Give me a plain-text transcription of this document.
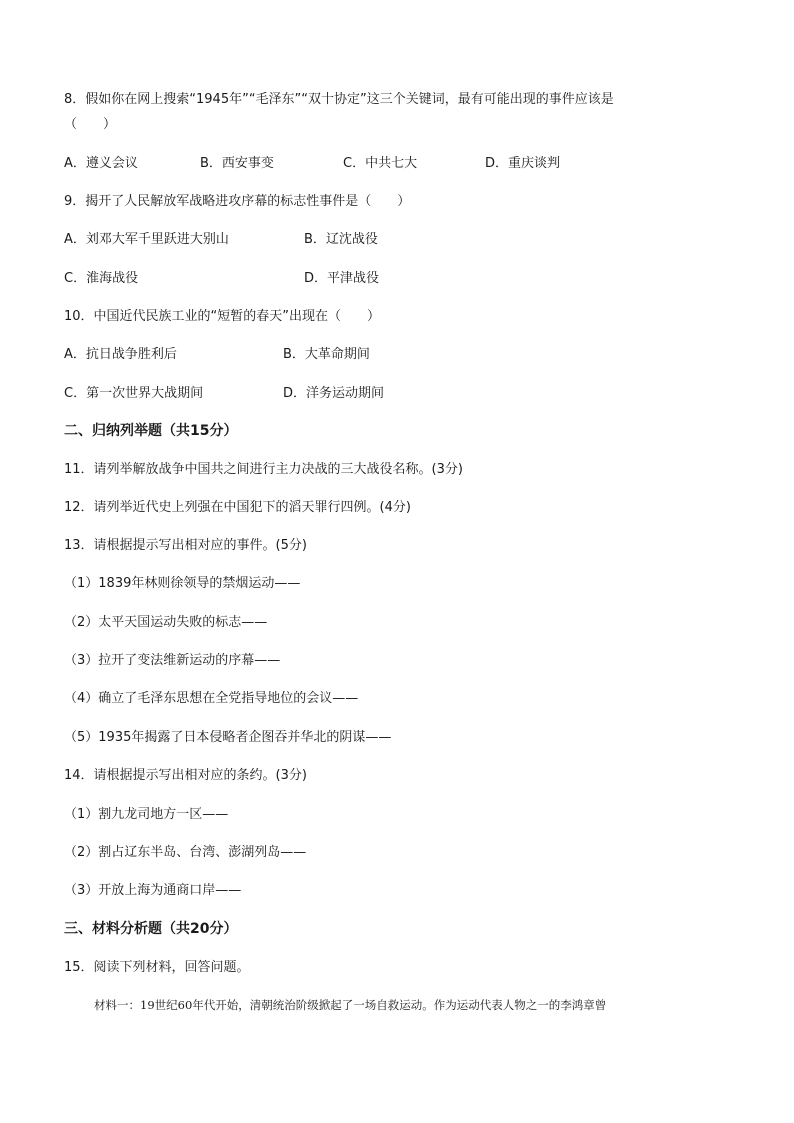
8．假如你在网上搜索“1945年”“毛泽东”“双十协定”这三个关键词，最有可能出现的事件应该是
（　　）
A．遵义会议	B．西安事变	C．中共七大	D．重庆谈判
9．揭开了人民解放军战略进攻序幕的标志性事件是（　　）
A．刘邓大军千里跃进大别山	B．辽沈战役
C．淮海战役	D．平津战役
10．中国近代民族工业的“短暂的春天”出现在（　　）
A．抗日战争胜利后	B．大革命期间
C．第一次世界大战期间	D．洋务运动期间
二、归纳列举题（共15分）
11．请列举解放战争中国共之间进行主力决战的三大战役名称。(3分)
12．请列举近代史上列强在中国犯下的滔天罪行四例。(4分)
13．请根据提示写出相对应的事件。(5分)
（1）1839年林则徐领导的禁烟运动——
（2）太平天国运动失败的标志——
（3）拉开了变法维新运动的序幕——
（4）确立了毛泽东思想在全党指导地位的会议——
（5）1935年揭露了日本侵略者企图吞并华北的阴谋——
14．请根据提示写出相对应的条约。(3分)
（1）割九龙司地方一区——
（2）割占辽东半岛、台湾、澎湖列岛——
（3）开放上海为通商口岸——
三、材料分析题（共20分）
15．阅读下列材料，回答问题。
材料一：19世纪60年代开始，清朝统治阶级掀起了一场自救运动。作为运动代表人物之一的李鸿章曾
